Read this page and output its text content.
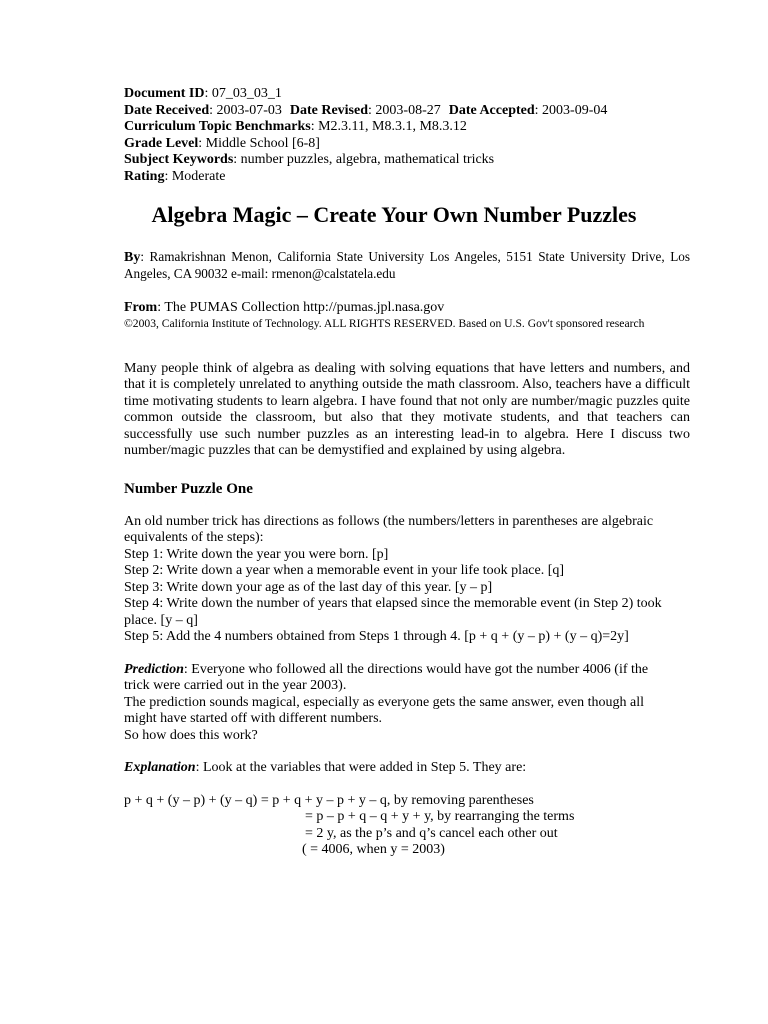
Document ID: 07_03_03_1
Date Received: 2003-07-03 Date Revised: 2003-08-27 Date Accepted: 2003-09-04
Curriculum Topic Benchmarks: M2.3.11, M8.3.1, M8.3.12
Grade Level: Middle School [6-8]
Subject Keywords: number puzzles, algebra, mathematical tricks
Rating: Moderate
Algebra Magic – Create Your Own Number Puzzles
By: Ramakrishnan Menon, California State University Los Angeles, 5151 State University Drive, Los Angeles, CA 90032 e-mail: rmenon@calstatela.edu
From: The PUMAS Collection http://pumas.jpl.nasa.gov
©2003, California Institute of Technology. ALL RIGHTS RESERVED. Based on U.S. Gov't sponsored research

Many people think of algebra as dealing with solving equations that have letters and numbers, and that it is completely unrelated to anything outside the math classroom. Also, teachers have a difficult time motivating students to learn algebra. I have found that not only are number/magic puzzles quite common outside the classroom, but also that they motivate students, and that teachers can successfully use such number puzzles as an interesting lead-in to algebra. Here I discuss two number/magic puzzles that can be demystified and explained by using algebra.

Number Puzzle One
An old number trick has directions as follows (the numbers/letters in parentheses are algebraic
equivalents of the steps):
Step 1: Write down the year you were born. [p]
Step 2: Write down a year when a memorable event in your life took place. [q]
Step 3: Write down your age as of the last day of this year. [y – p]
Step 4: Write down the number of years that elapsed since the memorable event (in Step 2) took
place. [y – q]
Step 5: Add the 4 numbers obtained from Steps 1 through 4. [p + q + (y – p) + (y – q)=2y]
Prediction: Everyone who followed all the directions would have got the number 4006 (if the
trick were carried out in the year 2003).
The prediction sounds magical, especially as everyone gets the same answer, even though all
might have started off with different numbers.
So how does this work?
Explanation: Look at the variables that were added in Step 5. They are:
p + q + (y – p) + (y – q) = p + q + y – p + y – q, by removing parentheses
= p – p + q – q + y + y, by rearranging the terms
= 2 y, as the p’s and q’s cancel each other out
( = 4006, when y = 2003)
